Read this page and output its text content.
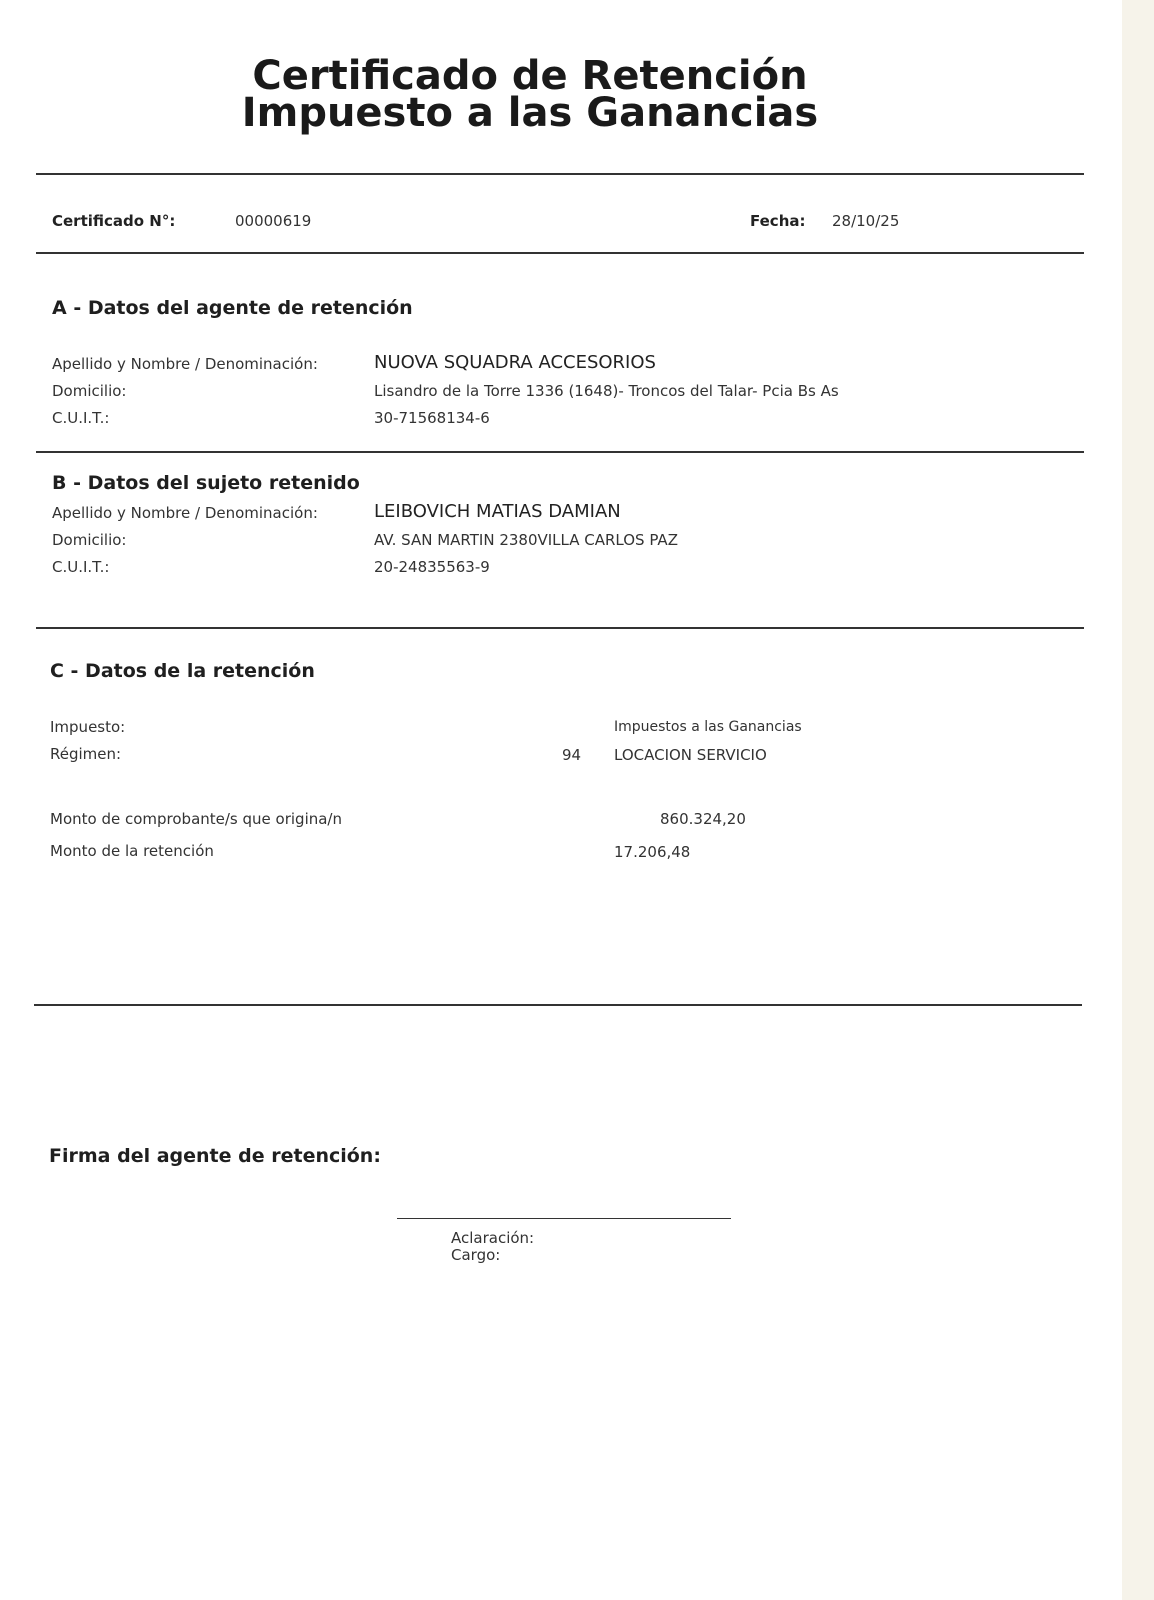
Certificado de Retención
Impuesto a las Ganancias
Certificado N°:	00000619	Fecha: 28/10/25
A - Datos del agente de retención
Apellido y Nombre / Denominación:	NUOVA SQUADRA ACCESORIOS
Domicilio:	Lisandro de la Torre 1336 (1648)- Troncos del Talar- Pcia Bs As
C.U.I.T.:	30-71568134-6
B - Datos del sujeto retenido
Apellido y Nombre / Denominación:	LEIBOVICH MATIAS DAMIAN
Domicilio:	AV. SAN MARTIN 2380VILLA CARLOS PAZ
C.U.I.T.:	20-24835563-9
C - Datos de la retención
Impuesto:	Impuestos a las Ganancias
Régimen:	94 LOCACION SERVICIO
Monto de comprobante/s que origina/n	860.324,20
Monto de la retención	17.206,48
Firma del agente de retención:
Aclaración:
Cargo:
